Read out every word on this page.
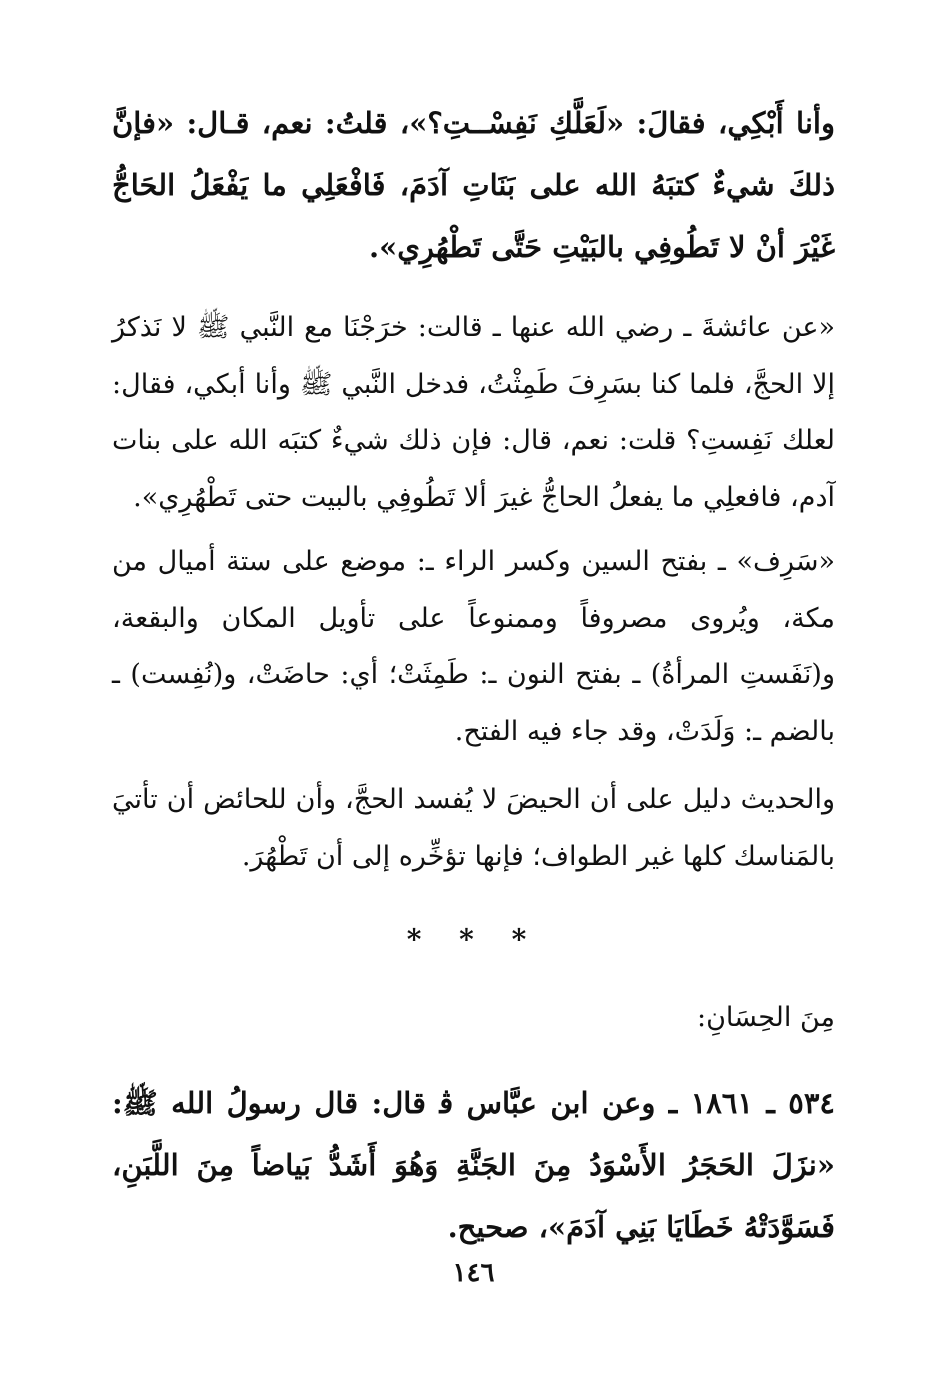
وأنا أَبْكِي، فقالَ: «لَعَلَّكِ نَفِسْــتِ؟»، قلتُ: نعم، قـال: «فإنَّ ذلكَ شيءٌ كتبَهُ الله على بَنَاتِ آدَمَ، فَافْعَلِي ما يَفْعَلُ الحَاجُّ غَيْرَ أنْ لا تَطُوفِي بالبَيْتِ حَتَّى تَطْهُرِي».

«عن عائشةَ ـ رضي الله عنها ـ قالت: خرَجْنَا مع النَّبي ﷺ لا نَذكرُ إلا الحجَّ، فلما كنا بسَرِفَ طَمِثْتُ، فدخل النَّبي ﷺ وأنا أبكي، فقال: لعلك نَفِستِ؟ قلت: نعم، قال: فإن ذلك شيءٌ كتبَه الله على بنات آدم، فافعلِي ما يفعلُ الحاجُّ غيرَ ألا تَطُوفِي بالبيت حتى تَطْهُرِي».

«سَرِف» ـ بفتح السين وكسر الراء ـ: موضع على ستة أميال من مكة، ويُروى مصروفاً وممنوعاً على تأويل المكان والبقعة، و(نَفَستِ المرأةُ) ـ بفتح النون ـ: طَمِثَتْ؛ أي: حاضَتْ، و(نُفِست) ـ بالضم ـ: وَلَدَتْ، وقد جاء فيه الفتح.

والحديث دليل على أن الحيضَ لا يُفسد الحجَّ، وأن للحائض أن تأتيَ بالمَناسك كلها غير الطواف؛ فإنها تؤخِّره إلى أن تَطْهُرَ.

* * *
مِنَ الحِسَانِ:

٥٣٤ ـ ١٨٦١ ـ وعن ابن عبَّاس ﭬ قال: قال رسولُ الله ﷺ: «نزَلَ الحَجَرُ الأَسْوَدُ مِنَ الجَنَّةِ وَهُوَ أَشَدُّ بَياضاً مِنَ اللَّبَنِ، فَسَوَّدَتْهُ خَطَايَا بَنِي آدَمَ»، صحيح.

١٤٦
